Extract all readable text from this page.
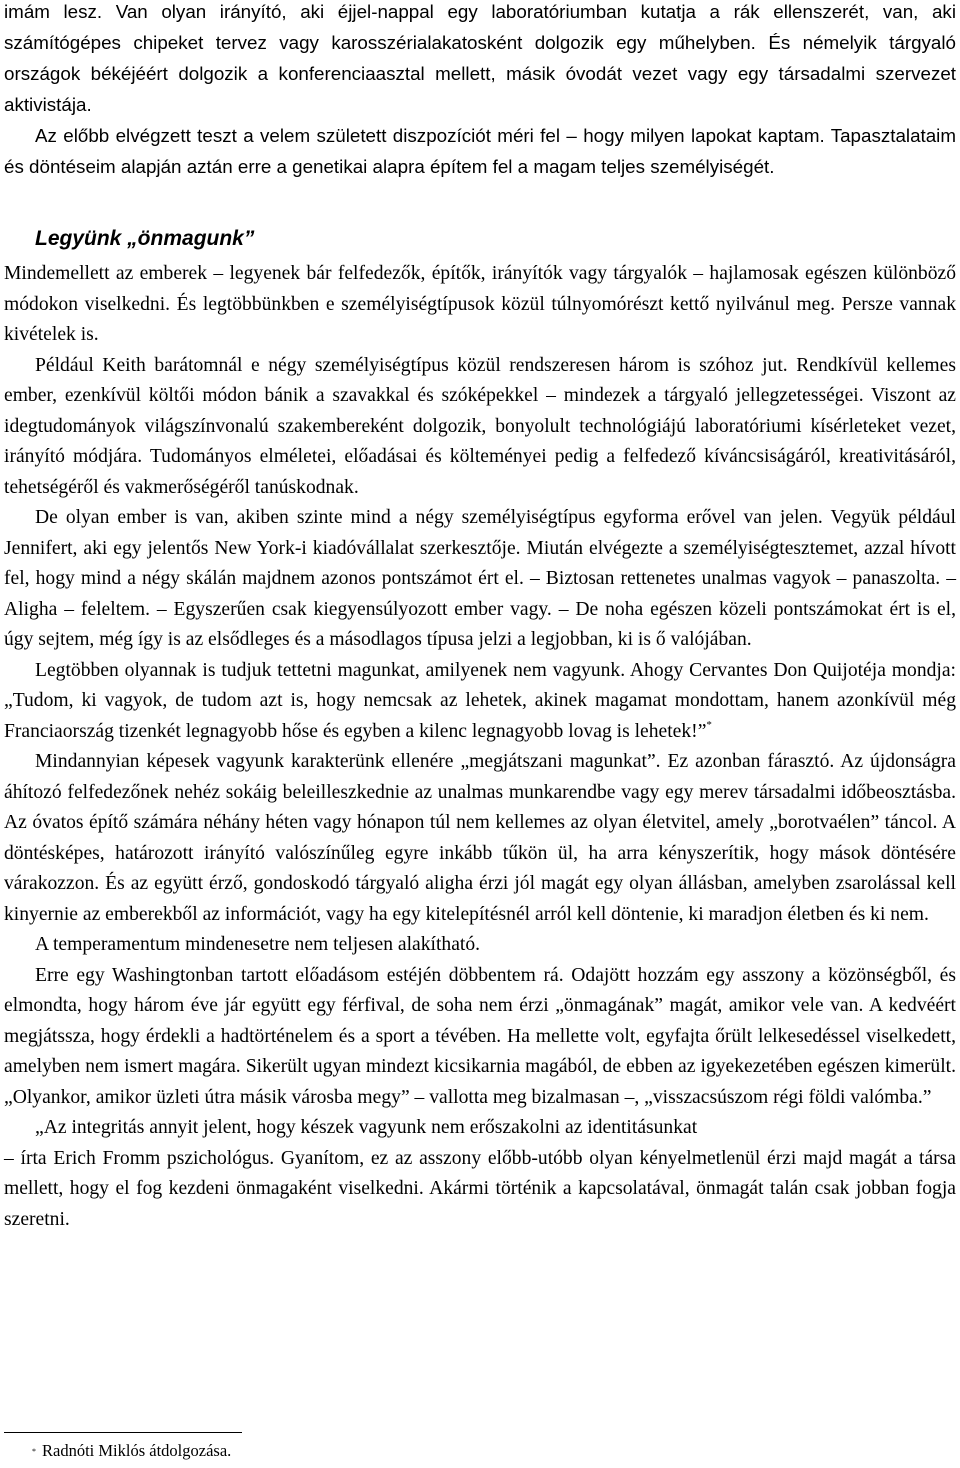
imám lesz. Van olyan irányító, aki éjjel-nappal egy laboratóriumban kutatja a rák ellenszerét, van, aki számítógépes chipeket tervez vagy karosszérialakatosként dolgozik egy műhelyben. És némelyik tárgyaló országok békéjéért dolgozik a konferenciaasztal mellett, másik óvodát vezet vagy egy társadalmi szervezet aktivistája.

Az előbb elvégzett teszt a velem született diszpozíciót méri fel – hogy milyen lapokat kaptam. Tapasztalataim és döntéseim alapján aztán erre a genetikai alapra építem fel a magam teljes személyiségét.

Legyünk „önmagunk”

Mindemellett az emberek – legyenek bár felfedezők, építők, irányítók vagy tárgyalók – hajlamosak egészen különböző módokon viselkedni. És legtöbbünkben e személyiségtípusok közül túlnyomórészt kettő nyilvánul meg. Persze vannak kivételek is.

Például Keith barátomnál e négy személyiségtípus közül rendszeresen három is szóhoz jut. Rendkívül kellemes ember, ezenkívül költői módon bánik a szavakkal és szóképekkel – mindezek a tárgyaló jellegzetességei. Viszont az idegtudományok világszínvonalú szakembereként dolgozik, bonyolult technológiájú laboratóriumi kísérleteket vezet, irányító módjára. Tudományos elméletei, előadásai és költeményei pedig a felfedező kíváncsiságáról, kreativitásáról, tehetségéről és vakmerőségéről tanúskodnak.

De olyan ember is van, akiben szinte mind a négy személyiségtípus egyforma erővel van jelen. Vegyük például Jennifert, aki egy jelentős New York-i kiadóvállalat szerkesztője. Miután elvégezte a személyiségtesztemet, azzal hívott fel, hogy mind a négy skálán majdnem azonos pontszámot ért el. – Biztosan rettenetes unalmas vagyok – panaszolta. – Aligha – feleltem. – Egyszerűen csak kiegyensúlyozott ember vagy. – De noha egészen közeli pontszámokat ért is el, úgy sejtem, még így is az elsődleges és a másodlagos típusa jelzi a legjobban, ki is ő valójában.

Legtöbben olyannak is tudjuk tettetni magunkat, amilyenek nem vagyunk. Ahogy Cervantes Don Quijotéja mondja: „Tudom, ki vagyok, de tudom azt is, hogy nemcsak az lehetek, akinek magamat mondottam, hanem azonkívül még Franciaország tizenkét legnagyobb hőse és egyben a kilenc legnagyobb lovag is lehetek!”*

Mindannyian képesek vagyunk karakterünk ellenére „megjátszani magunkat”. Ez azonban fárasztó. Az újdonságra áhítozó felfedezőnek nehéz sokáig beleilleszkednie az unalmas munkarendbe vagy egy merev társadalmi időbeosztásba. Az óvatos építő számára néhány héten vagy hónapon túl nem kellemes az olyan életvitel, amely „borotvaélen” táncol. A döntésképes, határozott irányító valószínűleg egyre inkább tűkön ül, ha arra kényszerítik, hogy mások döntésére várakozzon. És az együtt érző, gondoskodó tárgyaló aligha érzi jól magát egy olyan állásban, amelyben zsarolással kell kinyernie az emberekből az információt, vagy ha egy kitelepítésnél arról kell döntenie, ki maradjon életben és ki nem.

A temperamentum mindenesetre nem teljesen alakítható.

Erre egy Washingtonban tartott előadásom estéjén döbbentem rá. Odajött hozzám egy asszony a közönségből, és elmondta, hogy három éve jár együtt egy férfival, de soha nem érzi „önmagának” magát, amikor vele van. A kedvéért megjátssza, hogy érdekli a hadtörténelem és a sport a tévében. Ha mellette volt, egyfajta őrült lelkesedéssel viselkedett, amelyben nem ismert magára. Sikerült ugyan mindezt kicsikarnia magából, de ebben az igyekezetében egészen kimerült. „Olyankor, amikor üzleti útra másik városba megy” – vallotta meg bizalmasan –, „visszacsúszom régi földi valómba.”

„Az integritás annyit jelent, hogy készek vagyunk nem erőszakolni az identitásunkat

– írta Erich Fromm pszichológus. Gyanítom, ez az asszony előbb-utóbb olyan kényelmetlenül érzi majd magát a társa mellett, hogy el fog kezdeni önmagaként viselkedni. Akármi történik a kapcsolatával, önmagát talán csak jobban fogja szeretni.

* Radnóti Miklós átdolgozása.
